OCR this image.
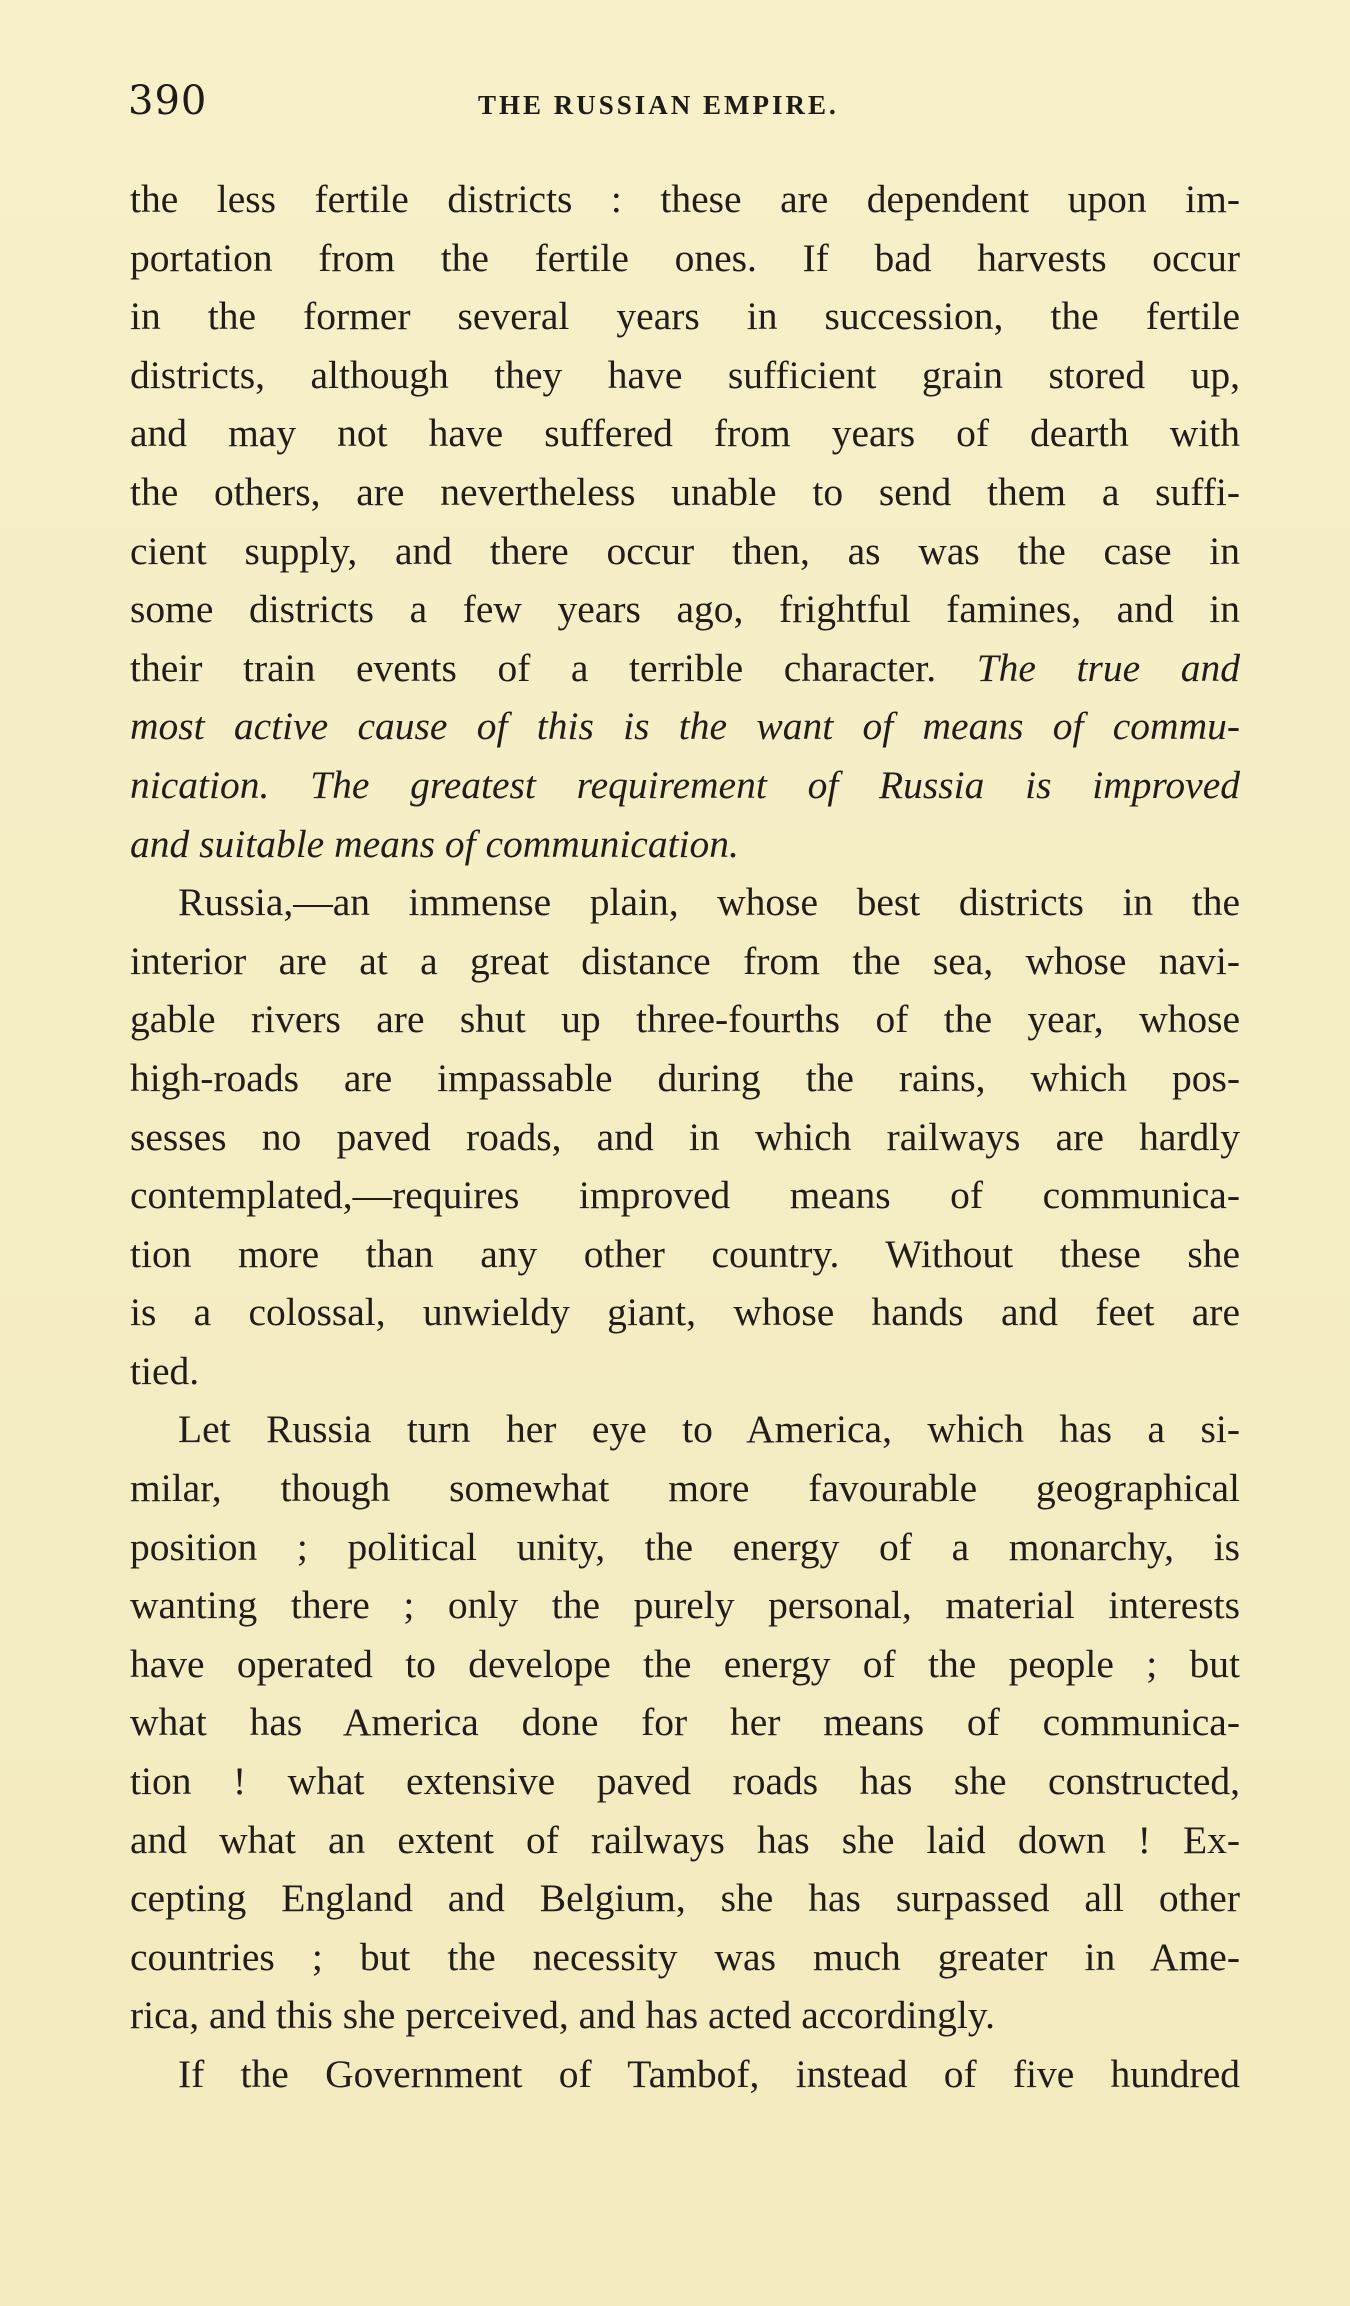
390	THE RUSSIAN EMPIRE.
the less fertile districts : these are dependent upon im-
portation from the fertile ones. If bad harvests occur
in the former several years in succession, the fertile
districts, although they have sufficient grain stored up,
and may not have suffered from years of dearth with
the others, are nevertheless unable to send them a suffi-
cient supply, and there occur then, as was the case in
some districts a few years ago, frightful famines, and in
their train events of a terrible character. The true and
most active cause of this is the want of means of commu-
nication. The greatest requirement of Russia is improved
and suitable means of communication.
Russia,—an immense plain, whose best districts in the
interior are at a great distance from the sea, whose navi-
gable rivers are shut up three-fourths of the year, whose
high-roads are impassable during the rains, which pos-
sesses no paved roads, and in which railways are hardly
contemplated,—requires improved means of communica-
tion more than any other country. Without these she
is a colossal, unwieldy giant, whose hands and feet are
tied.
Let Russia turn her eye to America, which has a si-
milar, though somewhat more favourable geographical
position ; political unity, the energy of a monarchy, is
wanting there ; only the purely personal, material interests
have operated to develope the energy of the people ; but
what has America done for her means of communica-
tion ! what extensive paved roads has she constructed,
and what an extent of railways has she laid down ! Ex-
cepting England and Belgium, she has surpassed all other
countries ; but the necessity was much greater in Ame-
rica, and this she perceived, and has acted accordingly.
If the Government of Tambof, instead of five hundred
